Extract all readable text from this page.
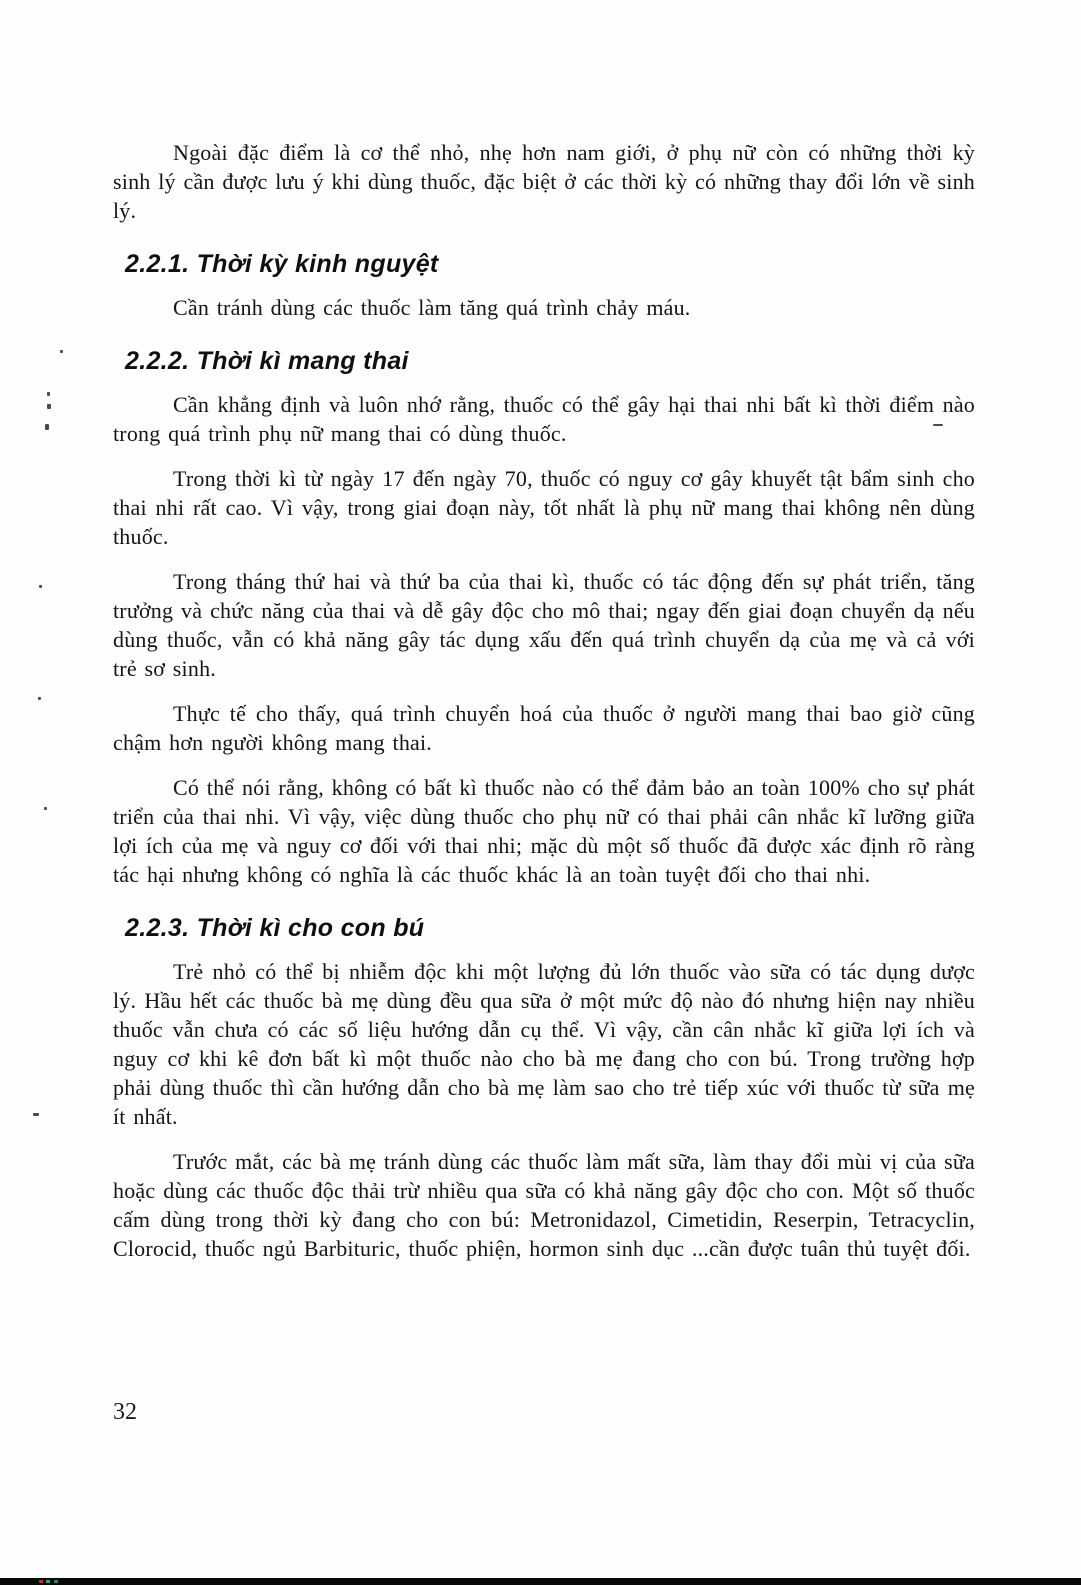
Ngoài đặc điểm là cơ thể nhỏ, nhẹ hơn nam giới, ở phụ nữ còn có những thời kỳ sinh lý cần được lưu ý khi dùng thuốc, đặc biệt ở các thời kỳ có những thay đổi lớn về sinh lý.

2.2.1. Thời kỳ kinh nguyệt

Cần tránh dùng các thuốc làm tăng quá trình chảy máu.

2.2.2. Thời kì mang thai

Cần khẳng định và luôn nhớ rằng, thuốc có thể gây hại thai nhi bất kì thời điểm nào trong quá trình phụ nữ mang thai có dùng thuốc.

Trong thời kì từ ngày 17 đến ngày 70, thuốc có nguy cơ gây khuyết tật bẩm sinh cho thai nhi rất cao. Vì vậy, trong giai đoạn này, tốt nhất là phụ nữ mang thai không nên dùng thuốc.

Trong tháng thứ hai và thứ ba của thai kì, thuốc có tác động đến sự phát triển, tăng trưởng và chức năng của thai và dễ gây độc cho mô thai; ngay đến giai đoạn chuyển dạ nếu dùng thuốc, vẫn có khả năng gây tác dụng xấu đến quá trình chuyển dạ của mẹ và cả với trẻ sơ sinh.

Thực tế cho thấy, quá trình chuyển hoá của thuốc ở người mang thai bao giờ cũng chậm hơn người không mang thai.

Có thể nói rằng, không có bất kì thuốc nào có thể đảm bảo an toàn 100% cho sự phát triển của thai nhi. Vì vậy, việc dùng thuốc cho phụ nữ có thai phải cân nhắc kĩ lưỡng giữa lợi ích của mẹ và nguy cơ đối với thai nhi; mặc dù một số thuốc đã được xác định rõ ràng tác hại nhưng không có nghĩa là các thuốc khác là an toàn tuyệt đối cho thai nhi.

2.2.3. Thời kì cho con bú

Trẻ nhỏ có thể bị nhiễm độc khi một lượng đủ lớn thuốc vào sữa có tác dụng dược lý. Hầu hết các thuốc bà mẹ dùng đều qua sữa ở một mức độ nào đó nhưng hiện nay nhiều thuốc vẫn chưa có các số liệu hướng dẫn cụ thể. Vì vậy, cần cân nhắc kĩ giữa lợi ích và nguy cơ khi kê đơn bất kì một thuốc nào cho bà mẹ đang cho con bú. Trong trường hợp phải dùng thuốc thì cần hướng dẫn cho bà mẹ làm sao cho trẻ tiếp xúc với thuốc từ sữa mẹ ít nhất.

Trước mắt, các bà mẹ tránh dùng các thuốc làm mất sữa, làm thay đổi mùi vị của sữa hoặc dùng các thuốc độc thải trừ nhiều qua sữa có khả năng gây độc cho con. Một số thuốc cấm dùng trong thời kỳ đang cho con bú: Metronidazol, Cimetidin, Reserpin, Tetracyclin, Clorocid, thuốc ngủ Barbituric, thuốc phiện, hormon sinh dục ...cần được tuân thủ tuyệt đối.

32
